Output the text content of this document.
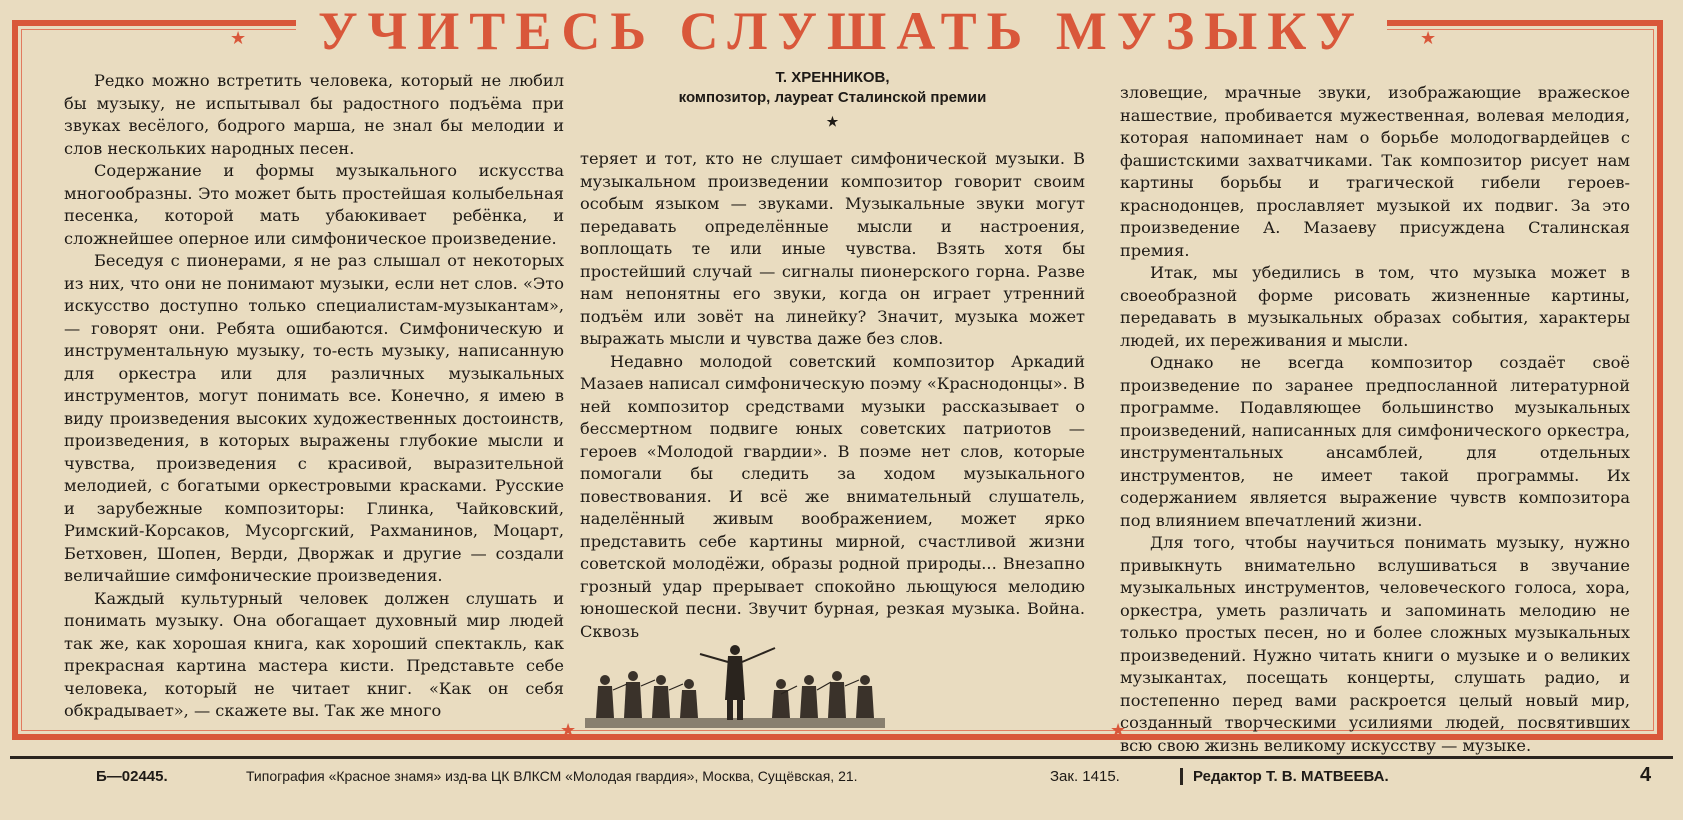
★	★
★	★
УЧИТЕСЬ СЛУШАТЬ МУЗЫКУ

Редко можно встретить человека, который не любил бы музыку, не испытывал бы радостного подъёма при звуках весёлого, бодрого марша, не знал бы мелодии и слов нескольких народных песен.

Содержание и формы музыкального искусства многообразны. Это может быть простейшая колыбельная песенка, которой мать убаюкивает ребёнка, и сложнейшее оперное или симфоническое произведение.

Беседуя с пионерами, я не раз слышал от некоторых из них, что они не понимают музыки, если нет слов. «Это искусство доступно только специалистам-музыкантам», — говорят они. Ребята ошибаются. Симфоническую и инструментальную музыку, то-есть музыку, написанную для оркестра или для различных музыкальных инструментов, могут понимать все. Конечно, я имею в виду произведения высоких художественных достоинств, произведения, в которых выражены глубокие мысли и чувства, произведения с красивой, выразительной мелодией, с богатыми оркестровыми красками. Русские и зарубежные композиторы: Глинка, Чайковский, Римский-Корсаков, Мусоргский, Рахманинов, Моцарт, Бетховен, Шопен, Верди, Дворжак и другие — создали величайшие симфонические произведения.

Каждый культурный человек должен слушать и понимать музыку. Она обогащает духовный мир людей так же, как хорошая книга, как хороший спектакль, как прекрасная картина мастера кисти. Представьте себе человека, который не читает книг. «Как он себя обкрадывает», — скажете вы. Так же много

Т. ХРЕННИКОВ,
композитор, лауреат Сталинской премии
★

теряет и тот, кто не слушает симфонической музыки. В музыкальном произведении композитор говорит своим особым языком — звуками. Музыкальные звуки могут передавать определённые мысли и настроения, воплощать те или иные чувства. Взять хотя бы простейший случай — сигналы пионерского горна. Разве нам непонятны его звуки, когда он играет утренний подъём или зовёт на линейку? Значит, музыка может выражать мысли и чувства даже без слов.

Недавно молодой советский композитор Аркадий Мазаев написал симфоническую поэму «Краснодонцы». В ней композитор средствами музыки рассказывает о бессмертном подвиге юных советских патриотов — героев «Молодой гвардии». В поэме нет слов, которые помогали бы следить за ходом музыкального повествования. И всё же внимательный слушатель, наделённый живым воображением, может ярко представить себе картины мирной, счастливой жизни советской молодёжи, образы родной природы... Внезапно грозный удар прерывает спокойно льющуюся мелодию юношеской песни. Звучит бурная, резкая музыка. Война. Сквозь

зловещие, мрачные звуки, изображающие вражеское нашествие, пробивается мужественная, волевая мелодия, которая напоминает нам о борьбе молодогвардейцев с фашистскими захватчиками. Так композитор рисует нам картины борьбы и трагической гибели героев-краснодонцев, прославляет музыкой их подвиг. За это произведение А. Мазаеву присуждена Сталинская премия.

Итак, мы убедились в том, что музыка может в своеобразной форме рисовать жизненные картины, передавать в музыкальных образах события, характеры людей, их переживания и мысли.

Однако не всегда композитор создаёт своё произведение по заранее предпосланной литературной программе. Подавляющее большинство музыкальных произведений, написанных для симфонического оркестра, инструментальных ансамблей, для отдельных инструментов, не имеет такой программы. Их содержанием является выражение чувств композитора под влиянием впечатлений жизни.

Для того, чтобы научиться понимать музыку, нужно привыкнуть внимательно вслушиваться в звучание музыкальных инструментов, человеческого голоса, хора, оркестра, уметь различать и запоминать мелодию не только простых песен, но и более сложных музыкальных произведений. Нужно читать книги о музыке и о великих музыкантах, посещать концерты, слушать радио, и постепенно перед вами раскроется целый новый мир, созданный творческими усилиями людей, посвятивших всю свою жизнь великому искусству — музыке.

Б—02445.	Типография «Красное знамя» изд-ва ЦК ВЛКСМ «Молодая гвардия», Москва, Сущёвская, 21.	Зак. 1415.	Редактор Т. В. МАТВЕЕВА.	4
